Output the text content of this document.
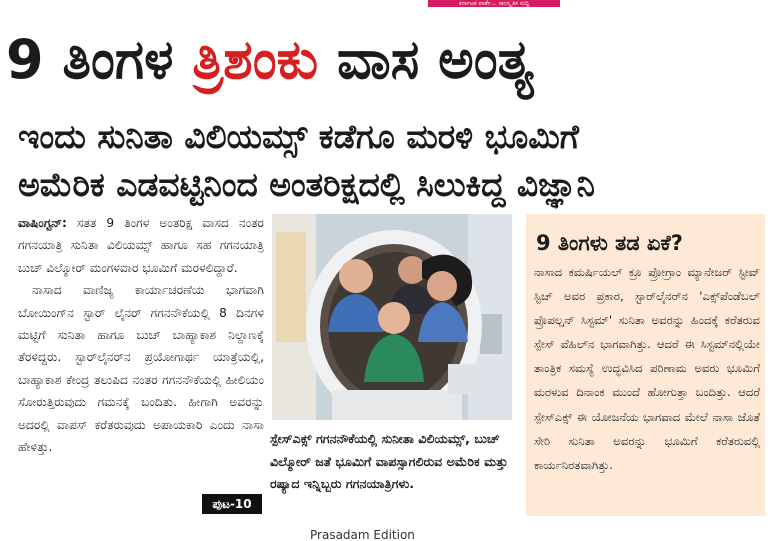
ಕರ್ನಾಟಕ ವಾರ್ತೆ... ಸಾಂಸ್ಕೃತಿಕ ಸುದ್ದಿ
9 ತಿಂಗಳ ತ್ರಿಶಂಕು ವಾಸ ಅಂತ್ಯ
ಇಂದು ಸುನಿತಾ ವಿಲಿಯಮ್ಸ್ ಕಡೆಗೂ ಮರಳಿ ಭೂಮಿಗೆ
ಅಮೆರಿಕ ಎಡವಟ್ಟಿನಿಂದ ಅಂತರಿಕ್ಷದಲ್ಲಿ ಸಿಲುಕಿದ್ದ ವಿಜ್ಞಾನಿ

ವಾಷಿಂಗ್ಟನ್: ಸತತ 9 ತಿಂಗಳ ಅಂತರಿಕ್ಷ ವಾಸದ ನಂತರ ಗಗನಯಾತ್ರಿ ಸುನಿತಾ ವಿಲಿಯಮ್ಸ್ ಹಾಗೂ ಸಹ ಗಗನಯಾತ್ರಿ ಬುಚ್ ವಿಲ್ಮೋರ್ ಮಂಗಳವಾರ ಭೂಮಿಗೆ ಮರಳಲಿದ್ದಾರೆ.

ನಾಸಾದ ವಾಣಿಜ್ಯ ಕಾರ್ಯಾಚರಣೆಯ ಭಾಗವಾಗಿ ಬೋಯಿಂಗ್‌ನ ಸ್ಟಾರ್ ಲೈನರ್ ಗಗನನೌಕೆಯಲ್ಲಿ 8 ದಿನಗಳ ಮಟ್ಟಿಗೆ ಸುನಿತಾ ಹಾಗೂ ಬುಚ್ ಬಾಹ್ಯಾಕಾಶ ನಿಲ್ದಾಣಕ್ಕೆ ತೆರಳಿದ್ದರು. ಸ್ಟಾರ್‌ಲೈನರ್‌ನ ಪ್ರಯೋಗಾರ್ಥ ಯಾತ್ರೆಯಲ್ಲಿ, ಬಾಹ್ಯಾಕಾಶ ಕೇಂದ್ರ ತಲುಪಿದ ನಂತರ ಗಗನನೌಕೆಯಲ್ಲಿ ಹೀಲಿಯಂ ಸೋರುತ್ತಿರುವುದು ಗಮನಕ್ಕೆ ಬಂದಿತು. ಹೀಗಾಗಿ ಅವರನ್ನು ಅದರಲ್ಲಿ ವಾಪಸ್ ಕರೆತರುವುದು ಅಪಾಯಕಾರಿ ಎಂದು ನಾಸಾ ಹೇಳಿತ್ತು.

ಪುಟ-10
ಸ್ಪೇಸ್‌ಎಕ್ಸ್ ಗಗನನೌಕೆಯಲ್ಲಿ ಸುನೀತಾ ವಿಲಿಯಮ್ಸ್, ಬುಚ್ ವಿಲ್ಮೋರ್ ಜತೆ ಭೂಮಿಗೆ ವಾಪಸ್ಸಾಗಲಿರುವ ಅಮೆರಿಕ ಮತ್ತು ರಷ್ಯಾದ ಇನ್ನಿಬ್ಬರು ಗಗನಯಾತ್ರಿಗಳು.
9 ತಿಂಗಳು ತಡ ಏಕೆ?

ನಾಸಾದ ಕಮರ್ಷಿಯಲ್ ಕ್ರೂ ಪ್ರೋಗ್ರಾಂ ಮ್ಯಾನೇಜರ್ ಸ್ಟೀವ್ ಸ್ಟಿಚ್ ಅವರ ಪ್ರಕಾರ, ಸ್ಟಾರ್‌ಲೈನರ್‌ನ 'ಎಕ್ಸ್‌ಪೆಂಡೆಬಲ್ ಪ್ರೊಪಲ್ಷನ್ ಸಿಸ್ಟಮ್' ಸುನಿತಾ ಅವರನ್ನು ಹಿಂದಕ್ಕೆ ಕರೆತರುವ ಸ್ಪೇಸ್ ವೆಹಿಲ್‌ನ ಭಾಗವಾಗಿತ್ತು. ಆದರೆ ಈ ಸಿಸ್ಟಮ್‌ನಲ್ಲಿಯೇ ತಾಂತ್ರಿಕ ಸಮಸ್ಯೆ ಉದ್ಭವಿಸಿದ ಪರಿಣಾಮ ಅವರು ಭೂಮಿಗೆ ಮರಳುವ ದಿನಾಂಕ ಮುಂದೆ ಹೋಗುತ್ತಾ ಬಂದಿತ್ತು. ಆದರೆ ಸ್ಪೇಸ್‌ಎಕ್ಸ್ ಈ ಯೋಜನೆಯ ಭಾಗವಾದ ಮೇಲೆ ನಾಸಾ ಜೊತೆ ಸೇರಿ ಸುನಿತಾ ಅವರನ್ನು ಭೂಮಿಗೆ ಕರೆತರುವಲ್ಲಿ ಕಾರ್ಯನಿರತವಾಗಿತ್ತು.

Prasadam Edition
